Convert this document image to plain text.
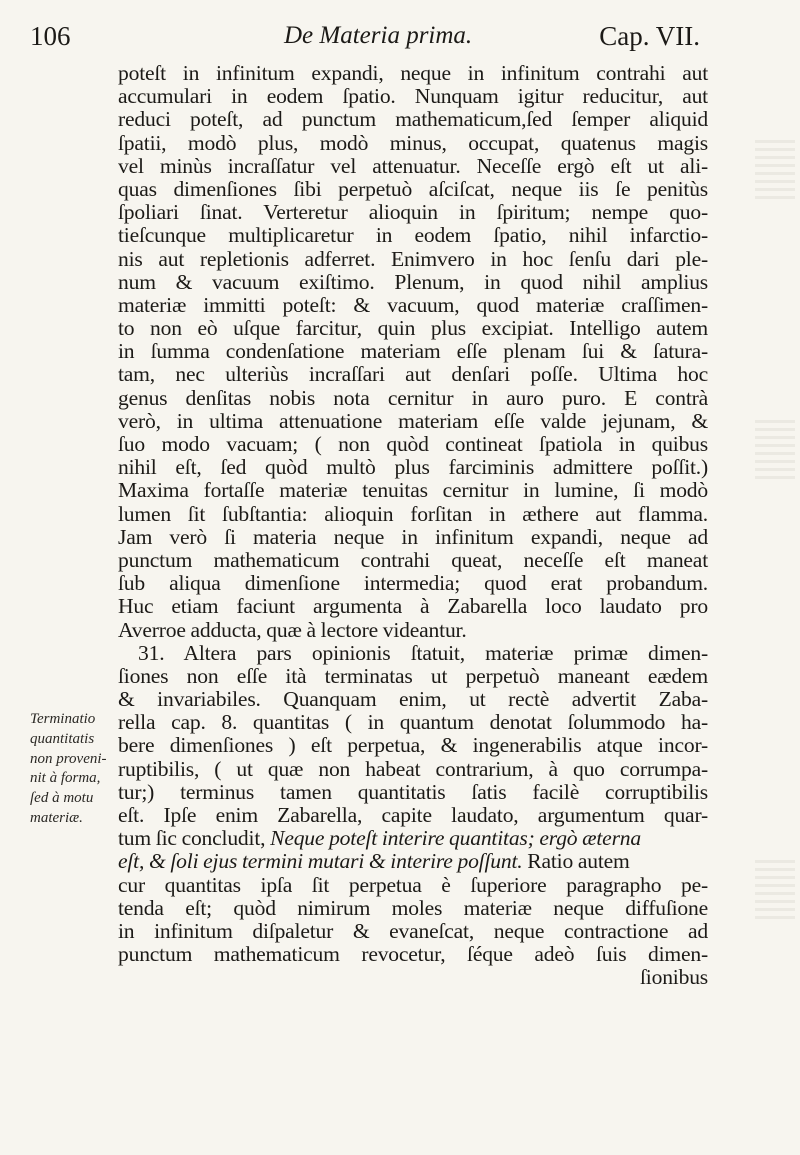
106	De Materia prima.	Cap. VII.
Terminatio
quantitatis
non proveni-
nit à forma,
ſed à motu
materiæ.
poteſt in infinitum expandi, neque in infinitum contrahi aut
accumulari in eodem ſpatio. Nunquam igitur reducitur, aut
reduci poteſt, ad punctum mathematicum,ſed ſemper aliquid
ſpatii, modò plus, modò minus, occupat, quatenus magis
vel minùs incraſſatur vel attenuatur. Neceſſe ergò eſt ut ali-
quas dimenſiones ſibi perpetuò aſciſcat, neque iis ſe penitùs
ſpoliari ſinat. Verteretur alioquin in ſpiritum; nempe quo-
tieſcunque multiplicaretur in eodem ſpatio, nihil infarctio-
nis aut repletionis adferret. Enimvero in hoc ſenſu dari ple-
num & vacuum exiſtimo. Plenum, in quod nihil amplius
materiæ immitti poteſt: & vacuum, quod materiæ craſſimen-
to non eò uſque farcitur, quin plus excipiat. Intelligo autem
in ſumma condenſatione materiam eſſe plenam ſui & ſatura-
tam, nec ulteriùs incraſſari aut denſari poſſe. Ultima hoc
genus denſitas nobis nota cernitur in auro puro. E contrà
verò, in ultima attenuatione materiam eſſe valde jejunam, &
ſuo modo vacuam; ( non quòd contineat ſpatiola in quibus
nihil eſt, ſed quòd multò plus farciminis admittere poſſit.)
Maxima fortaſſe materiæ tenuitas cernitur in lumine, ſi modò
lumen ſit ſubſtantia: alioquin forſitan in æthere aut flamma.
Jam verò ſi materia neque in infinitum expandi, neque ad
punctum mathematicum contrahi queat, neceſſe eſt maneat
ſub aliqua dimenſione intermedia; quod erat probandum.
Huc etiam faciunt argumenta à Zabarella loco laudato pro
Averroe adducta, quæ à lectore videantur.
31. Altera pars opinionis ſtatuit, materiæ primæ dimen-
ſiones non eſſe ità terminatas ut perpetuò maneant eædem
& invariabiles. Quanquam enim, ut rectè advertit Zaba-
rella cap. 8. quantitas ( in quantum denotat ſolummodo ha-
bere dimenſiones ) eſt perpetua, & ingenerabilis atque incor-
ruptibilis, ( ut quæ non habeat contrarium, à quo corrumpa-
tur;) terminus tamen quantitatis ſatis facilè corruptibilis
eſt. Ipſe enim Zabarella, capite laudato, argumentum quar-
tum ſic concludit, Neque poteſt interire quantitas; ergò æterna
eſt, & ſoli ejus termini mutari & interire poſſunt. Ratio autem
cur quantitas ipſa ſit perpetua è ſuperiore paragrapho pe-
tenda eſt; quòd nimirum moles materiæ neque diffuſione
in infinitum diſpaletur & evaneſcat, neque contractione ad
punctum mathematicum revocetur, ſéque adeò ſuis dimen-
ſionibus
